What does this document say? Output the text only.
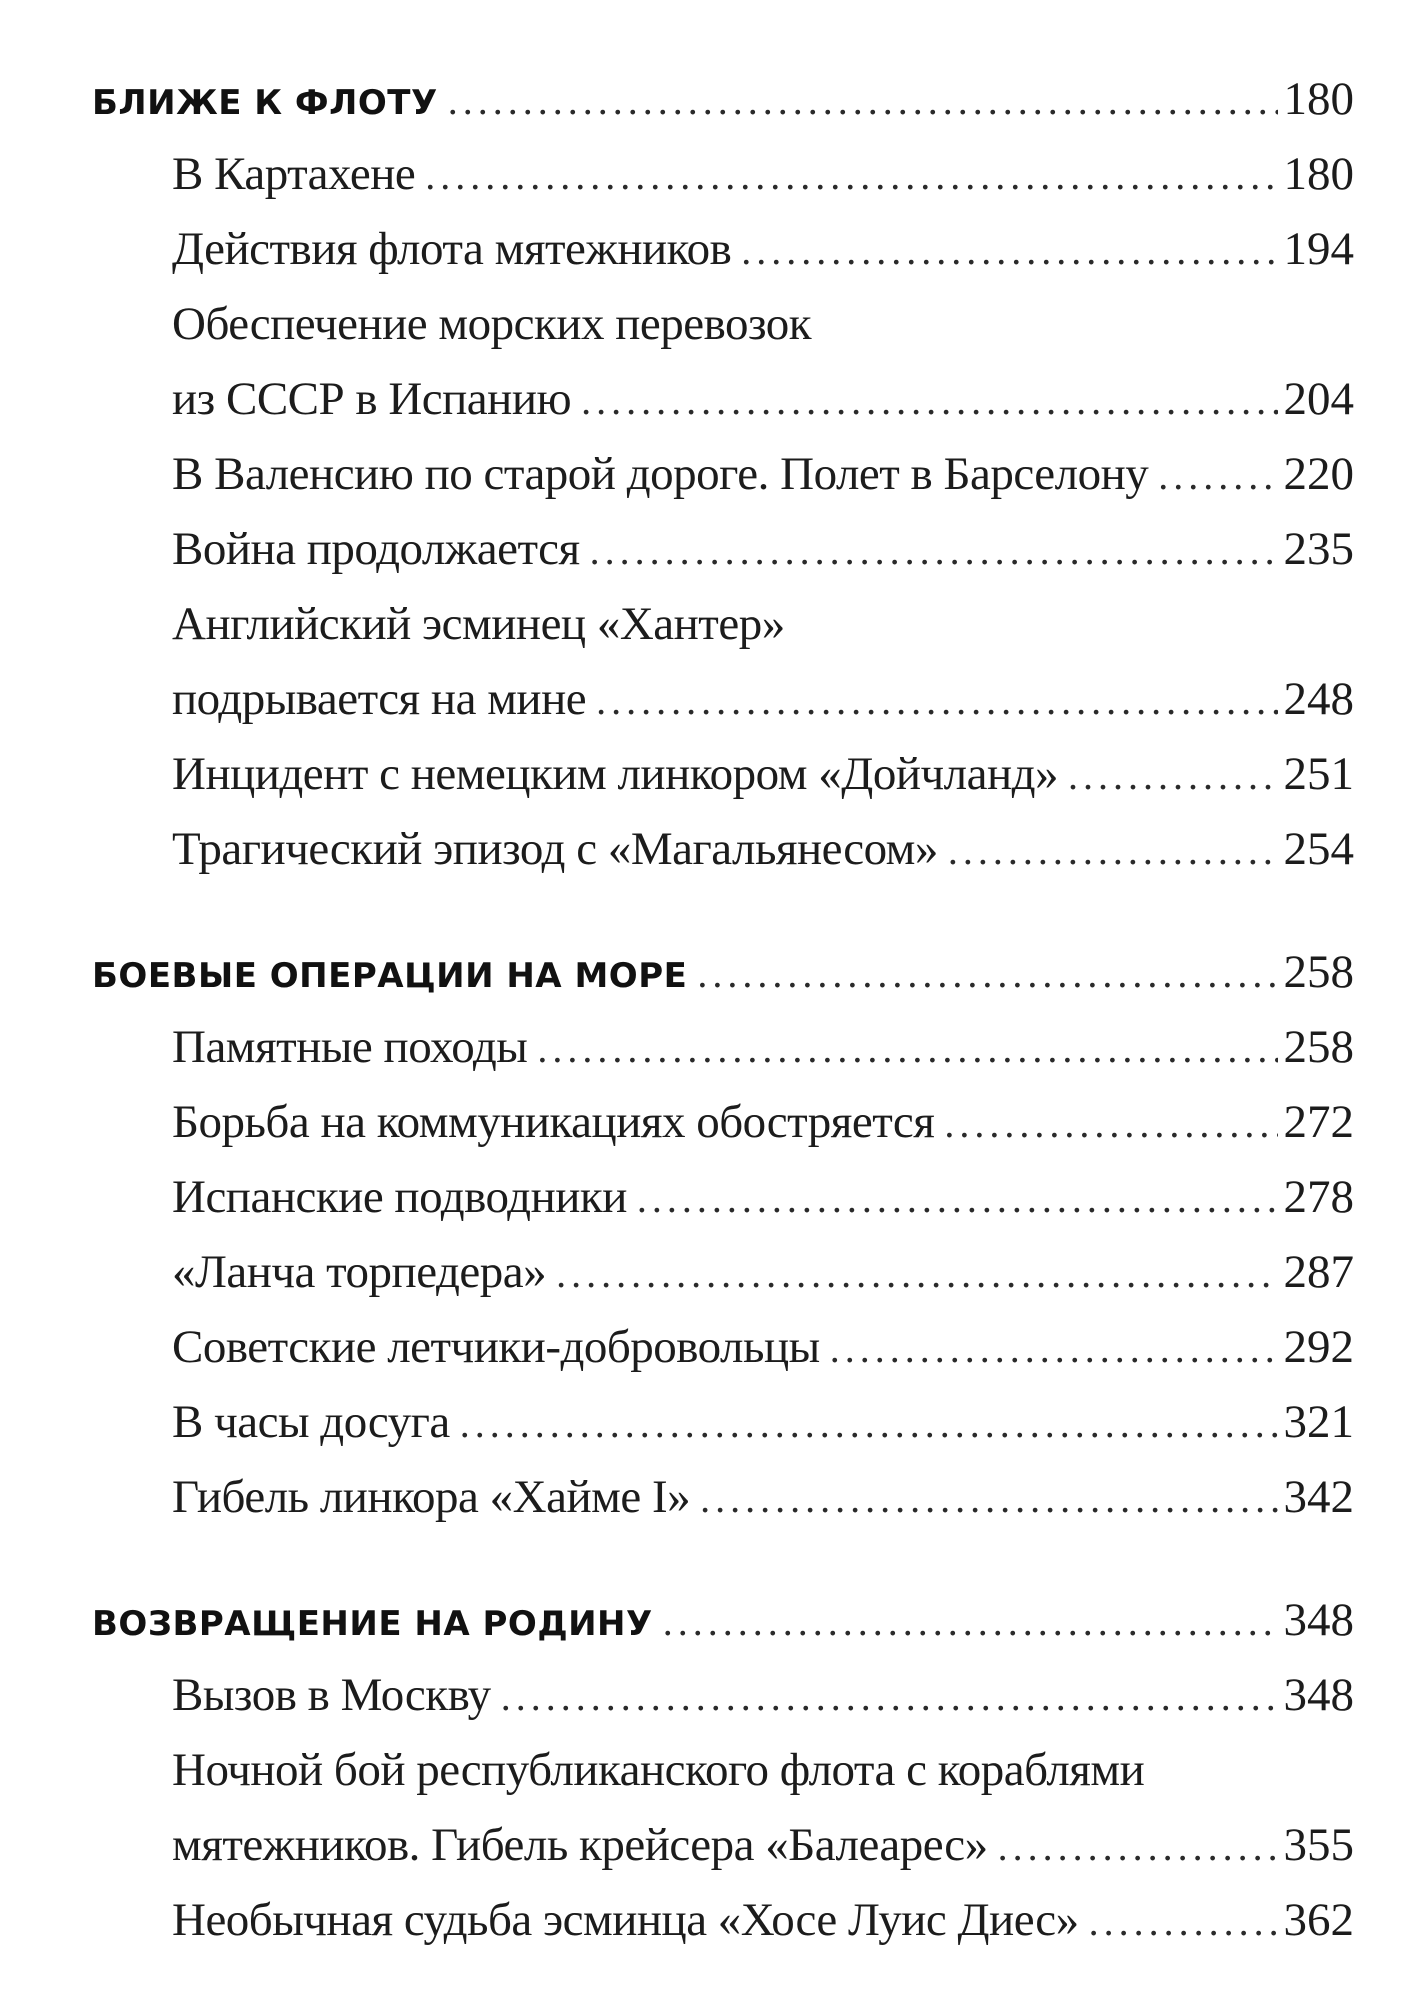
БЛИЖЕ К ФЛОТУ .....	180
В Картахене .....	180
Действия флота мятежников .....	194
Обеспечение морских перевозок
из СССР в Испанию .....	204
В Валенсию по старой дороге. Полет в Барселону .....	220
Война продолжается .....	235
Английский эсминец «Хантер»
подрывается на мине .....	248
Инцидент с немецким линкором «Дойчланд» .....	251
Трагический эпизод с «Магальянесом» .....	254
БОЕВЫЕ ОПЕРАЦИИ НА МОРЕ .....	258
Памятные походы .....	258
Борьба на коммуникациях обостряется .....	272
Испанские подводники .....	278
«Ланча торпедера» .....	287
Советские летчики-добровольцы .....	292
В часы досуга .....	321
Гибель линкора «Хайме I» .....	342
ВОЗВРАЩЕНИЕ НА РОДИНУ .....	348
Вызов в Москву .....	348
Ночной бой республиканского флота с кораблями
мятежников. Гибель крейсера «Балеарес» .....	355
Необычная судьба эсминца «Хосе Луис Диес» .....	362
